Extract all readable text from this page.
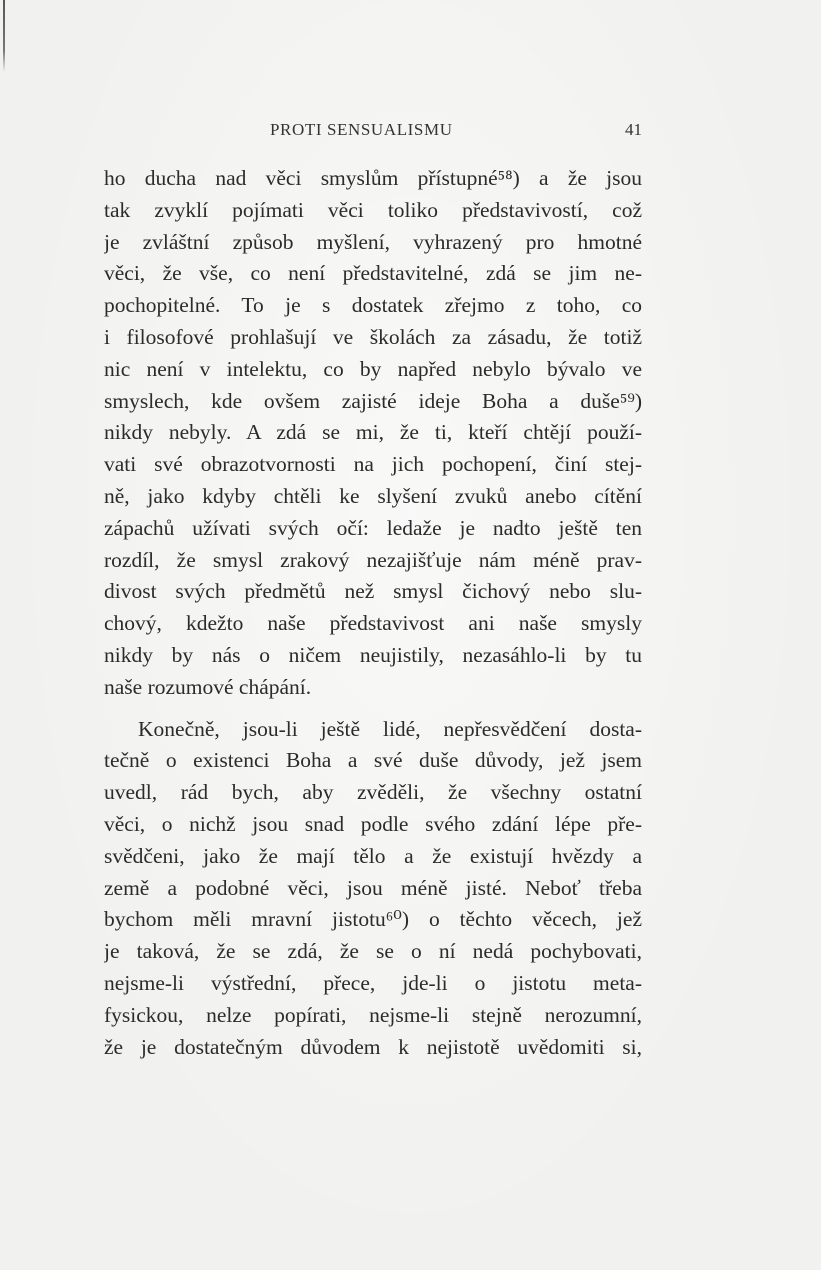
PROTI SENSUALISMU	41
ho ducha nad věci smyslům přístupné⁵⁸) a že jsou
tak zvyklí pojímati věci toliko představivostí, což
je zvláštní způsob myšlení, vyhrazený pro hmotné
věci, že vše, co není představitelné, zdá se jim ne-
pochopitelné. To je s dostatek zřejmo z toho, co
i filosofové prohlašují ve školách za zásadu, že totiž
nic není v intelektu, co by napřed nebylo bývalo ve
smyslech, kde ovšem zajisté ideje Boha a duše⁵⁹)
nikdy nebyly. A zdá se mi, že ti, kteří chtějí použí-
vati své obrazotvornosti na jich pochopení, činí stej-
ně, jako kdyby chtěli ke slyšení zvuků anebo cítění
zápachů užívati svých očí: ledaže je nadto ještě ten
rozdíl, že smysl zrakový nezajišťuje nám méně prav-
divost svých předmětů než smysl čichový nebo slu-
chový, kdežto naše představivost ani naše smysly
nikdy by nás o ničem neujistily, nezasáhlo-li by tu
naše rozumové chápání.
Konečně, jsou-li ještě lidé, nepřesvědčení dosta-
tečně o existenci Boha a své duše důvody, jež jsem
uvedl, rád bych, aby zvěděli, že všechny ostatní
věci, o nichž jsou snad podle svého zdání lépe pře-
svědčeni, jako že mají tělo a že existují hvězdy a
země a podobné věci, jsou méně jisté. Neboť třeba
bychom měli mravní jistotu⁶⁰) o těchto věcech, jež
je taková, že se zdá, že se o ní nedá pochybovati,
nejsme-li výstřední, přece, jde-li o jistotu meta-
fysickou, nelze popírati, nejsme-li stejně nerozumní,
že je dostatečným důvodem k nejistotě uvědomiti si,
